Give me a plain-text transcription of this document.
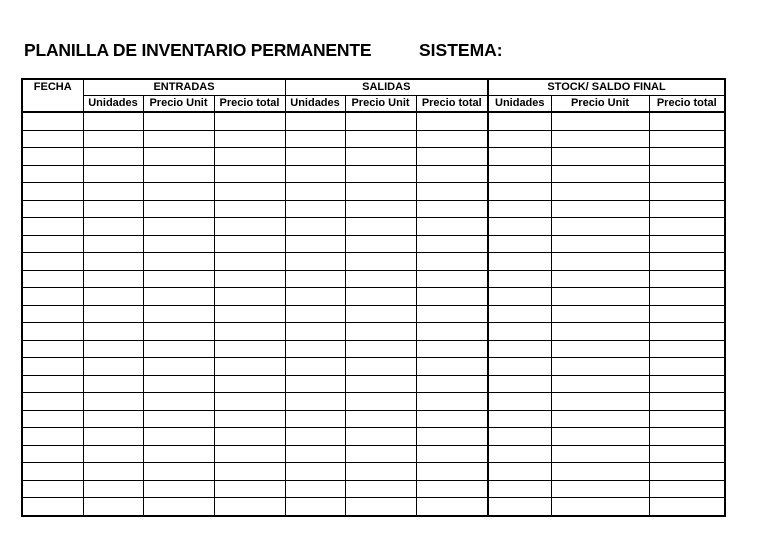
PLANILLA DE INVENTARIO PERMANENTE	SISTEMA:
FECHA	ENTRADAS			SALIDAS			STOCK/ SALDO FINAL		
	Unidades	Precio Unit	Precio total	Unidades	Precio Unit	Precio total	Unidades	Precio Unit	Precio total
